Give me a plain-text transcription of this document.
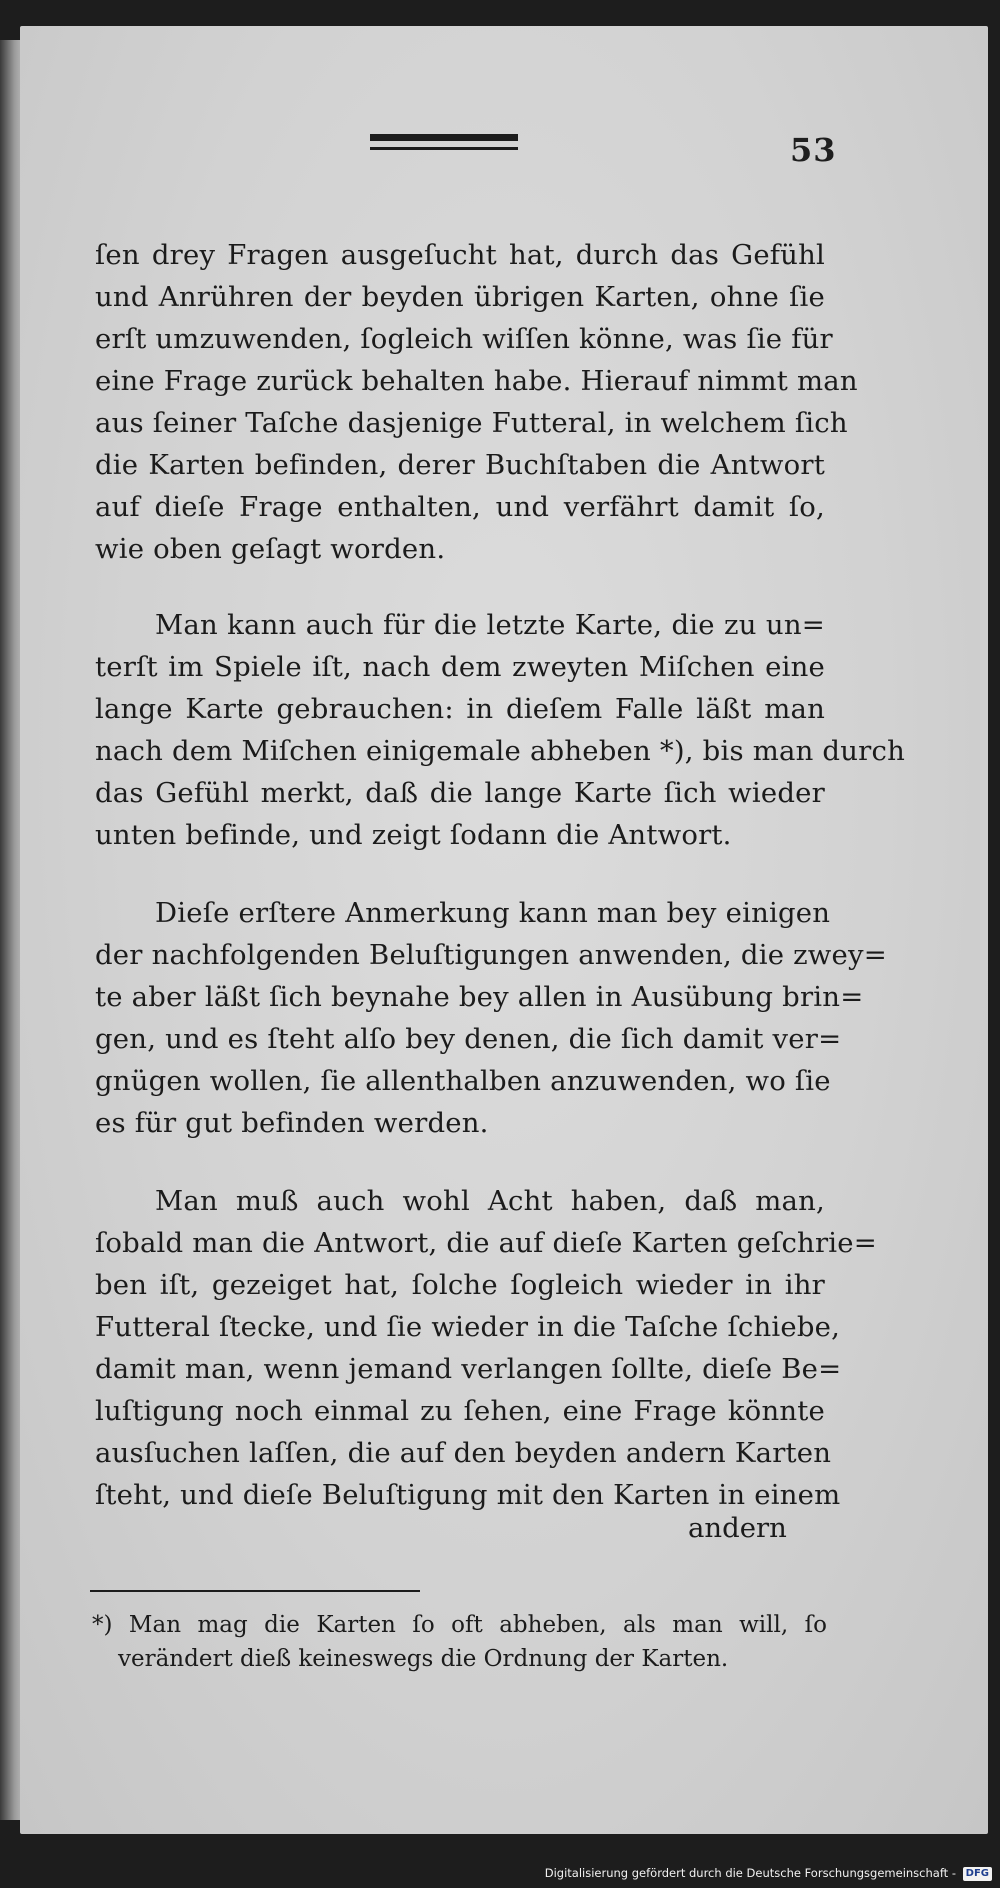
53
ſen drey Fragen ausgeſucht hat, durch das Gefühl
und Anrühren der beyden übrigen Karten, ohne ſie
erſt umzuwenden, ſogleich wiſſen könne, was ſie für
eine Frage zurück behalten habe. Hierauf nimmt man
aus ſeiner Taſche dasjenige Futteral, in welchem ſich
die Karten befinden, derer Buchſtaben die Antwort
auf dieſe Frage enthalten, und verfährt damit ſo,
wie oben geſagt worden.
Man kann auch für die letzte Karte, die zu un=
terſt im Spiele iſt, nach dem zweyten Miſchen eine
lange Karte gebrauchen: in dieſem Falle läßt man
nach dem Miſchen einigemale abheben *), bis man durch
das Gefühl merkt, daß die lange Karte ſich wieder
unten befinde, und zeigt ſodann die Antwort.
Dieſe erſtere Anmerkung kann man bey einigen
der nachfolgenden Beluſtigungen anwenden, die zwey=
te aber läßt ſich beynahe bey allen in Ausübung brin=
gen, und es ſteht alſo bey denen, die ſich damit ver=
gnügen wollen, ſie allenthalben anzuwenden, wo ſie
es für gut befinden werden.
Man muß auch wohl Acht haben, daß man,
ſobald man die Antwort, die auf dieſe Karten geſchrie=
ben iſt, gezeiget hat, ſolche ſogleich wieder in ihr
Futteral ſtecke, und ſie wieder in die Taſche ſchiebe,
damit man, wenn jemand verlangen ſollte, dieſe Be=
luſtigung noch einmal zu ſehen, eine Frage könnte
ausſuchen laſſen, die auf den beyden andern Karten
ſteht, und dieſe Beluſtigung mit den Karten in einem
andern
*) Man mag die Karten ſo oft abheben, als man will, ſo
verändert dieß keineswegs die Ordnung der Karten.
Digitalisierung gefördert durch die Deutsche Forschungsgemeinschaft - DFG
